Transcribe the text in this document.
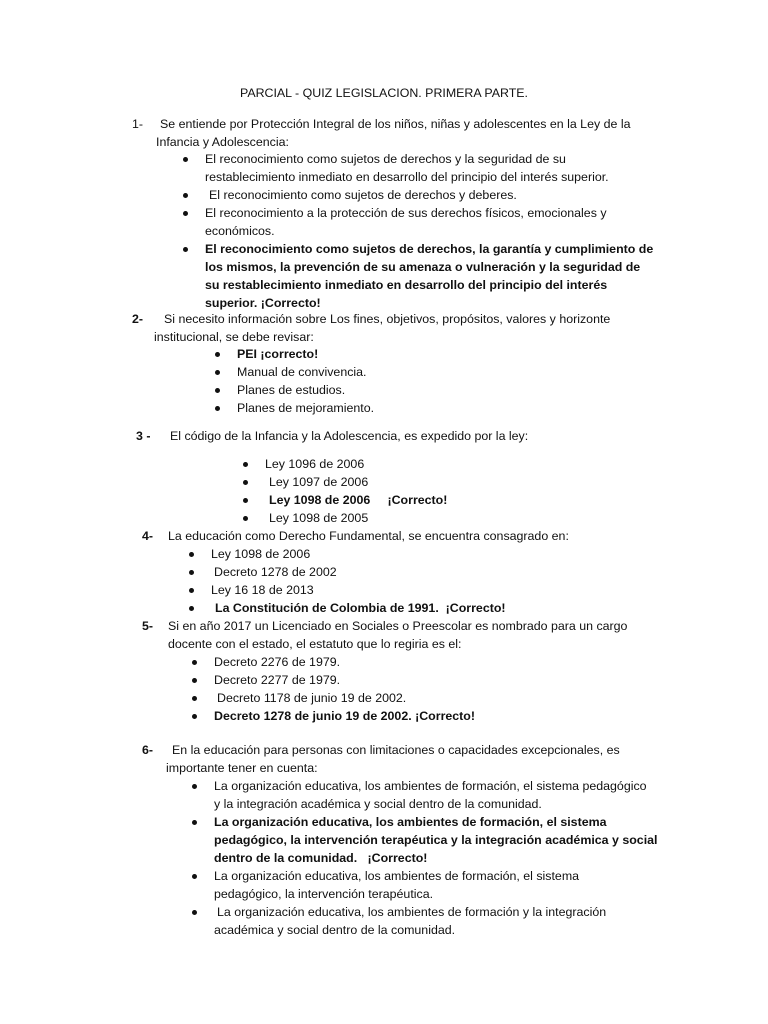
PARCIAL - QUIZ LEGISLACION. PRIMERA PARTE.
1-	Se entiende por Protección Integral de los niños, niñas y adolescentes en la Ley de la Infancia y Adolescencia:
El reconocimiento como sujetos de derechos y la seguridad de su restablecimiento inmediato en desarrollo del principio del interés superior.
El reconocimiento como sujetos de derechos y deberes.
El reconocimiento a la protección de sus derechos físicos, emocionales y económicos.
El reconocimiento como sujetos de derechos, la garantía y cumplimiento de los mismos, la prevención de su amenaza o vulneración y la seguridad de su restablecimiento inmediato en desarrollo del principio del interés superior. ¡Correcto!
2-	Si necesito información sobre Los fines, objetivos, propósitos, valores y horizonte institucional, se debe revisar:
PEI ¡correcto!
Manual de convivencia.
Planes de estudios.
Planes de mejoramiento.
3 - El código de la Infancia y la Adolescencia, es expedido por la ley:
Ley 1096 de 2006
Ley 1097 de 2006
Ley 1098 de 2006     ¡Correcto!
Ley 1098 de 2005
4- La educación como Derecho Fundamental, se encuentra consagrado en:
Ley 1098 de 2006
Decreto 1278 de 2002
Ley 16 18 de 2013
La Constitución de Colombia de 1991.  ¡Correcto!
5- Si en año 2017 un Licenciado en Sociales o Preescolar es nombrado para un cargo docente con el estado, el estatuto que lo regiria es el:
Decreto 2276 de 1979.
Decreto 2277 de 1979.
Decreto 1178 de junio 19 de 2002.
Decreto 1278 de junio 19 de 2002. ¡Correcto!
6-	En la educación para personas con limitaciones o capacidades excepcionales, es importante tener en cuenta:
La organización educativa, los ambientes de formación, el sistema pedagógico y la integración académica y social dentro de la comunidad.
La organización educativa, los ambientes de formación, el sistema pedagógico, la intervención terapéutica y la integración académica y social dentro de la comunidad.   ¡Correcto!
La organización educativa, los ambientes de formación, el sistema pedagógico, la intervención terapéutica.
La organización educativa, los ambientes de formación y la integración académica y social dentro de la comunidad.
